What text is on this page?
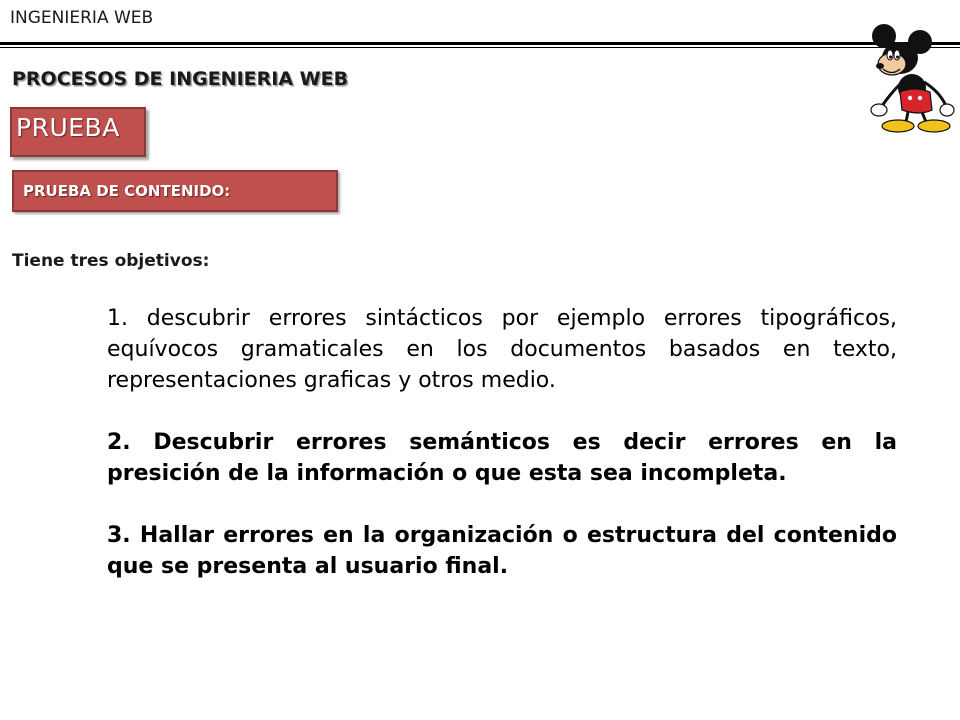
INGENIERIA WEB
PROCESOS DE INGENIERIA WEB
PRUEBA
PRUEBA DE CONTENIDO:
Tiene tres objetivos:

1. descubrir errores sintácticos por ejemplo errores tipográficos, equívocos gramaticales en los documentos basados en texto, representaciones graficas y otros medio.

2. Descubrir errores semánticos es decir errores en la presición de la información o que esta sea incompleta.

3. Hallar errores en la organización o estructura del contenido que se presenta al usuario final.
